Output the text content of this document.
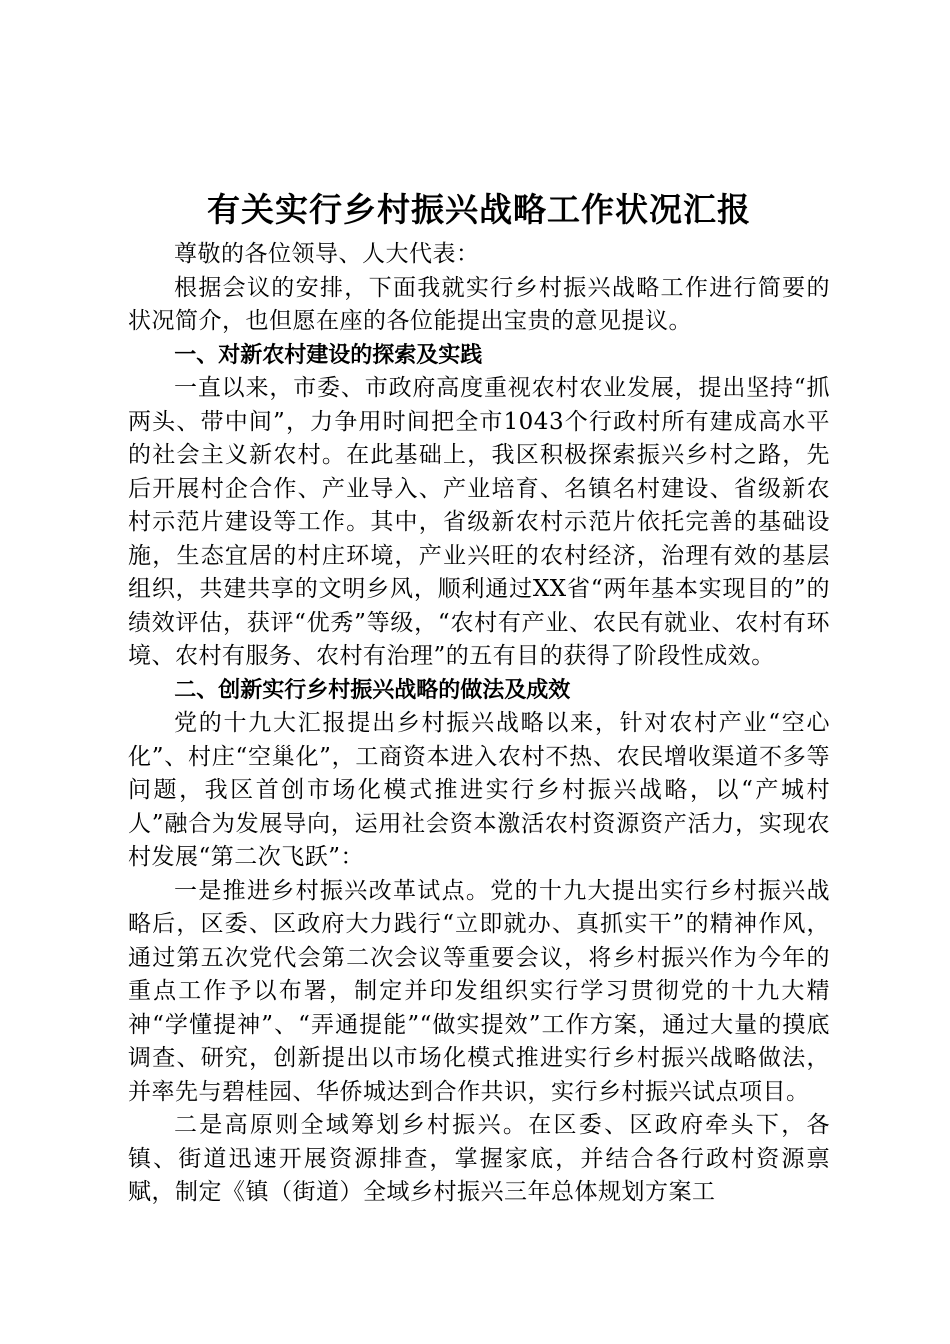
有关实行乡村振兴战略工作状况汇报

尊敬的各位领导、人大代表：

根据会议的安排，下面我就实行乡村振兴战略工作进行简要的状况简介，也但愿在座的各位能提出宝贵的意见提议。

一、对新农村建设的探索及实践

一直以来，市委、市政府高度重视农村农业发展，提出坚持“抓两头、带中间”，力争用时间把全市1043个行政村所有建成高水平的社会主义新农村。在此基础上，我区积极探索振兴乡村之路，先后开展村企合作、产业导入、产业培育、名镇名村建设、省级新农村示范片建设等工作。其中，省级新农村示范片依托完善的基础设施，生态宜居的村庄环境，产业兴旺的农村经济，治理有效的基层组织，共建共享的文明乡风，顺利通过XX省“两年基本实现目的”的绩效评估，获评“优秀”等级，“农村有产业、农民有就业、农村有环境、农村有服务、农村有治理”的五有目的获得了阶段性成效。

二、创新实行乡村振兴战略的做法及成效

党的十九大汇报提出乡村振兴战略以来，针对农村产业“空心化”、村庄“空巢化”，工商资本进入农村不热、农民增收渠道不多等问题，我区首创市场化模式推进实行乡村振兴战略，以“产城村人”融合为发展导向，运用社会资本激活农村资源资产活力，实现农村发展“第二次飞跃”：

一是推进乡村振兴改革试点。党的十九大提出实行乡村振兴战略后，区委、区政府大力践行“立即就办、真抓实干”的精神作风，通过第五次党代会第二次会议等重要会议，将乡村振兴作为今年的重点工作予以布署，制定并印发组织实行学习贯彻党的十九大精神“学懂提神”、“弄通提能”“做实提效”工作方案，通过大量的摸底调查、研究，创新提出以市场化模式推进实行乡村振兴战略做法，并率先与碧桂园、华侨城达到合作共识，实行乡村振兴试点项目。

二是高原则全域筹划乡村振兴。在区委、区政府牵头下，各镇、街道迅速开展资源排查，掌握家底，并结合各行政村资源禀赋，制定《镇（街道）全域乡村振兴三年总体规划方案工
